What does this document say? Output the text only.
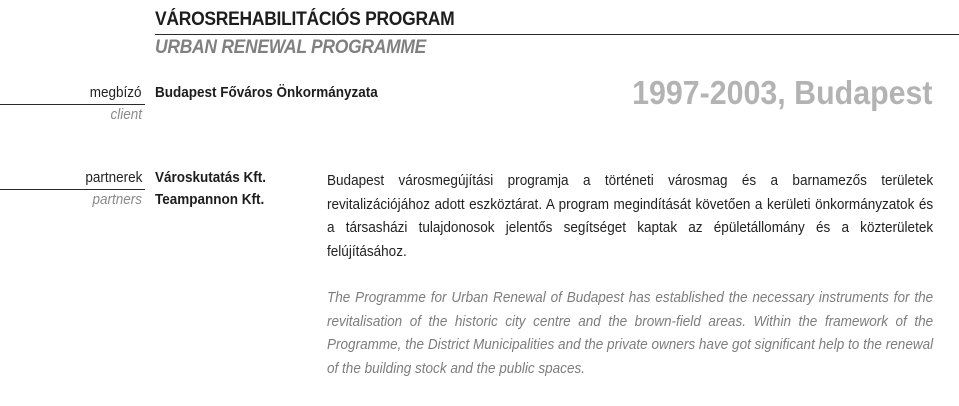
VÁROSREHABILITÁCIÓS PROGRAM
URBAN RENEWAL PROGRAMME
1997-2003, Budapest
megbízó
client
Budapest Főváros Önkormányzata
partnerek
partners
Városkutatás Kft.
Teampannon Kft.
Budapest városmegújítási programja a történeti városmag és a barnamezős területek revitalizációjához adott eszköztárat. A program megindítását követően a kerületi önkormányzatok és a társasházi tulajdonosok jelentős segítséget kaptak az épületállomány és a közterületek felújításához.
The Programme for Urban Renewal of Budapest has established the necessary instruments for the revitalisation of the historic city centre and the brown-field areas. Within the framework of the Programme, the District Municipalities and the private owners have got significant help to the renewal of the building stock and the public spaces.
